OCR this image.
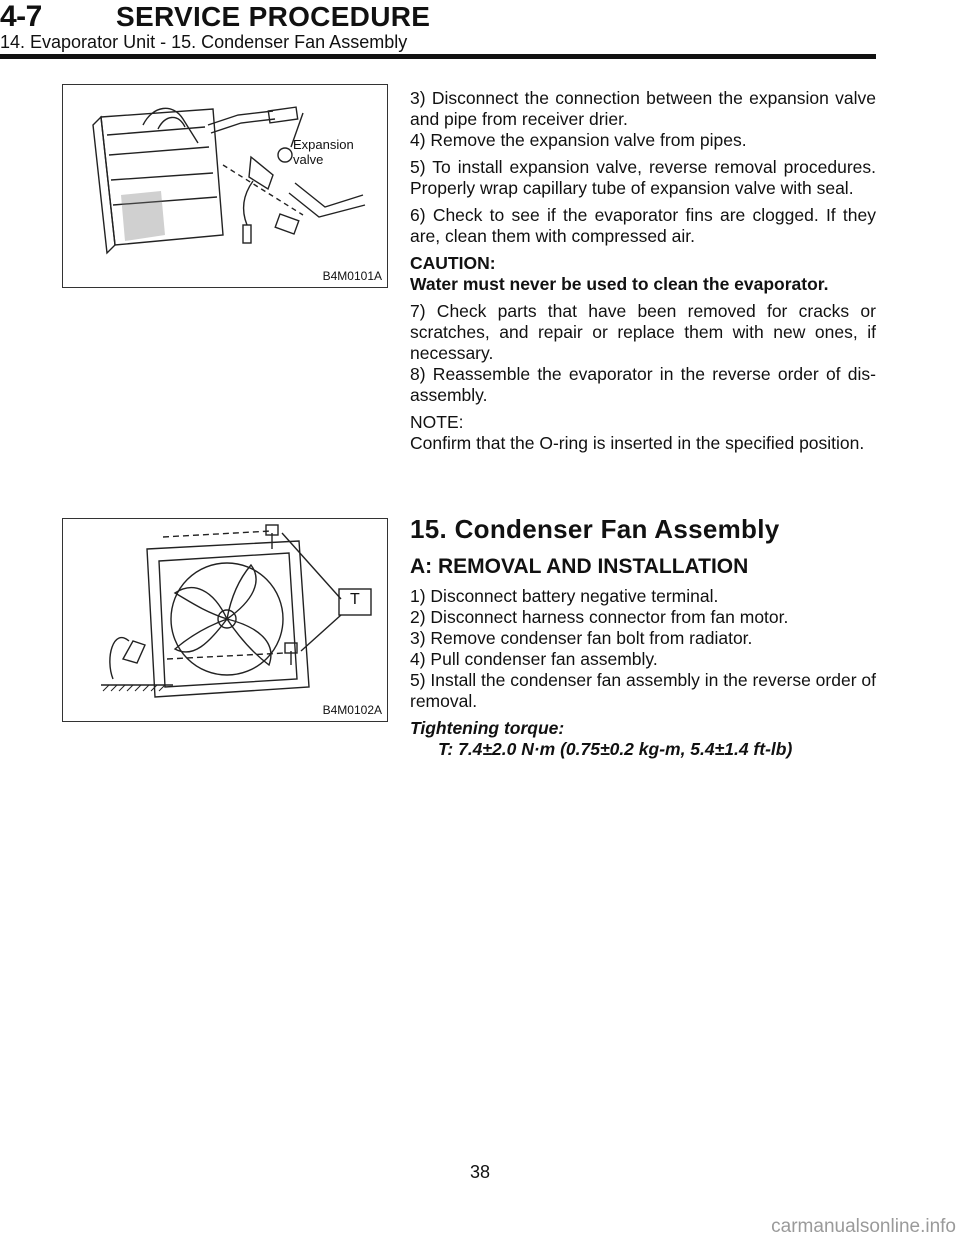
4-7	SERVICE PROCEDURE
14. Evaporator Unit - 15. Condenser Fan Assembly
Expansion valve
B4M0101A

3) Disconnect the connection between the expansion valve and pipe from receiver drier.

4) Remove the expansion valve from pipes.

5) To install expansion valve, reverse removal procedures. Properly wrap capillary tube of expansion valve with seal.

6) Check to see if the evaporator fins are clogged. If they are, clean them with compressed air.

CAUTION:

Water must never be used to clean the evaporator.

7) Check parts that have been removed for cracks or scratches, and repair or replace them with new ones, if necessary.

8) Reassemble the evaporator in the reverse order of dis-assembly.

NOTE:

Confirm that the O-ring is inserted in the specified position.

T
B4M0102A

15. Condenser Fan Assembly

A: REMOVAL AND INSTALLATION

1) Disconnect battery negative terminal.

2) Disconnect harness connector from fan motor.

3) Remove condenser fan bolt from radiator.

4) Pull condenser fan assembly.

5) Install the condenser fan assembly in the reverse order of removal.

Tightening torque:

T: 7.4±2.0 N·m (0.75±0.2 kg-m, 5.4±1.4 ft-lb)

38
carmanualsonline.info
